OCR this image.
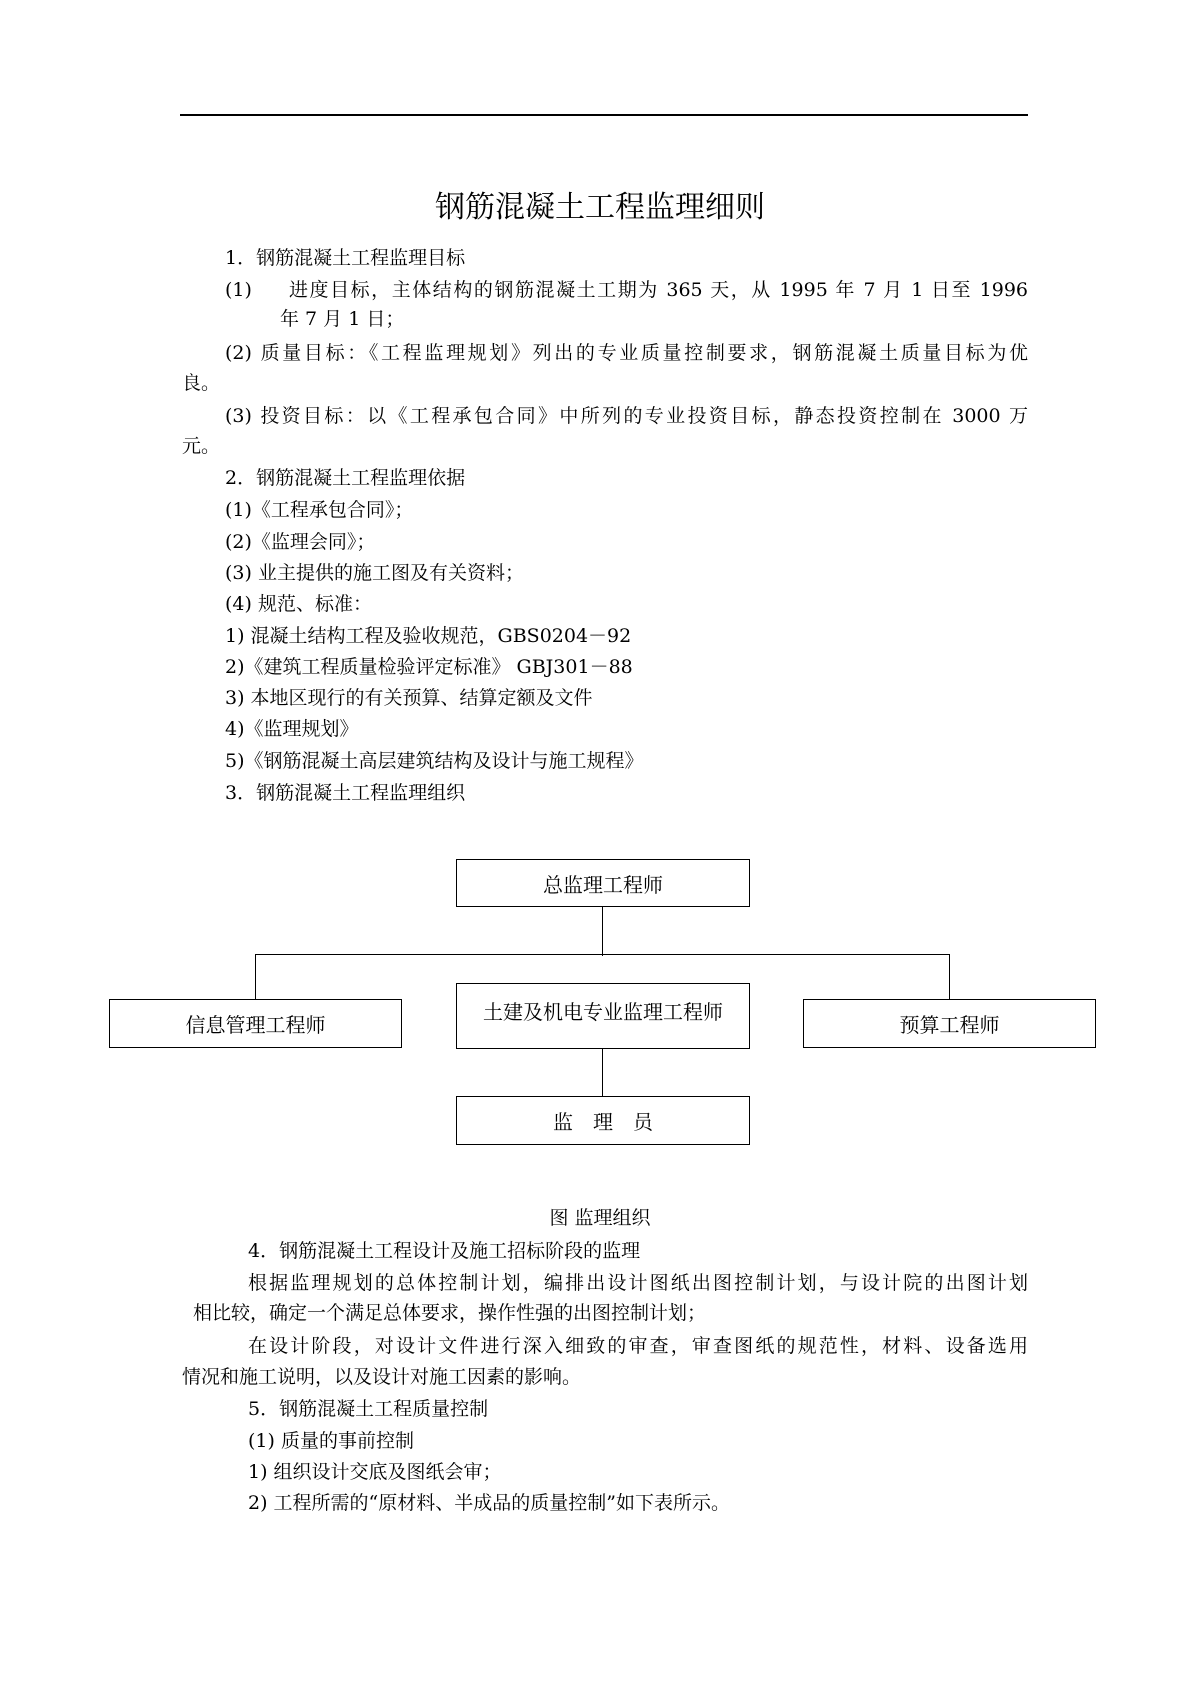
钢筋混凝土工程监理细则
1．钢筋混凝土工程监理目标
(1) 进度目标，主体结构的钢筋混凝土工期为 365 天，从 1995 年 7 月 1 日至 1996
年 7 月 1 日；
(2) 质量目标：《工程监理规划》列出的专业质量控制要求，钢筋混凝土质量目标为优
良。
(3) 投资目标：以《工程承包合同》中所列的专业投资目标，静态投资控制在 3000 万
元。
2．钢筋混凝土工程监理依据
(1)《工程承包合同》；
(2)《监理会同》；
(3) 业主提供的施工图及有关资料；
(4) 规范、标准：
1) 混凝土结构工程及验收规范，GBS0204－92
2)《建筑工程质量检验评定标准》 GBJ301－88
3) 本地区现行的有关预算、结算定额及文件
4)《监理规划》
5)《钢筋混凝土高层建筑结构及设计与施工规程》
3．钢筋混凝土工程监理组织
总监理工程师
信息管理工程师
土建及机电专业监理工程师
预算工程师
监　理　员
图 监理组织
4．钢筋混凝土工程设计及施工招标阶段的监理
根据监理规划的总体控制计划，编排出设计图纸出图控制计划，与设计院的出图计划
相比较，确定一个满足总体要求，操作性强的出图控制计划；
在设计阶段，对设计文件进行深入细致的审查，审查图纸的规范性，材料、设备选用
情况和施工说明，以及设计对施工因素的影响。
5．钢筋混凝土工程质量控制
(1) 质量的事前控制
1) 组织设计交底及图纸会审；
2) 工程所需的“原材料、半成品的质量控制”如下表所示。
